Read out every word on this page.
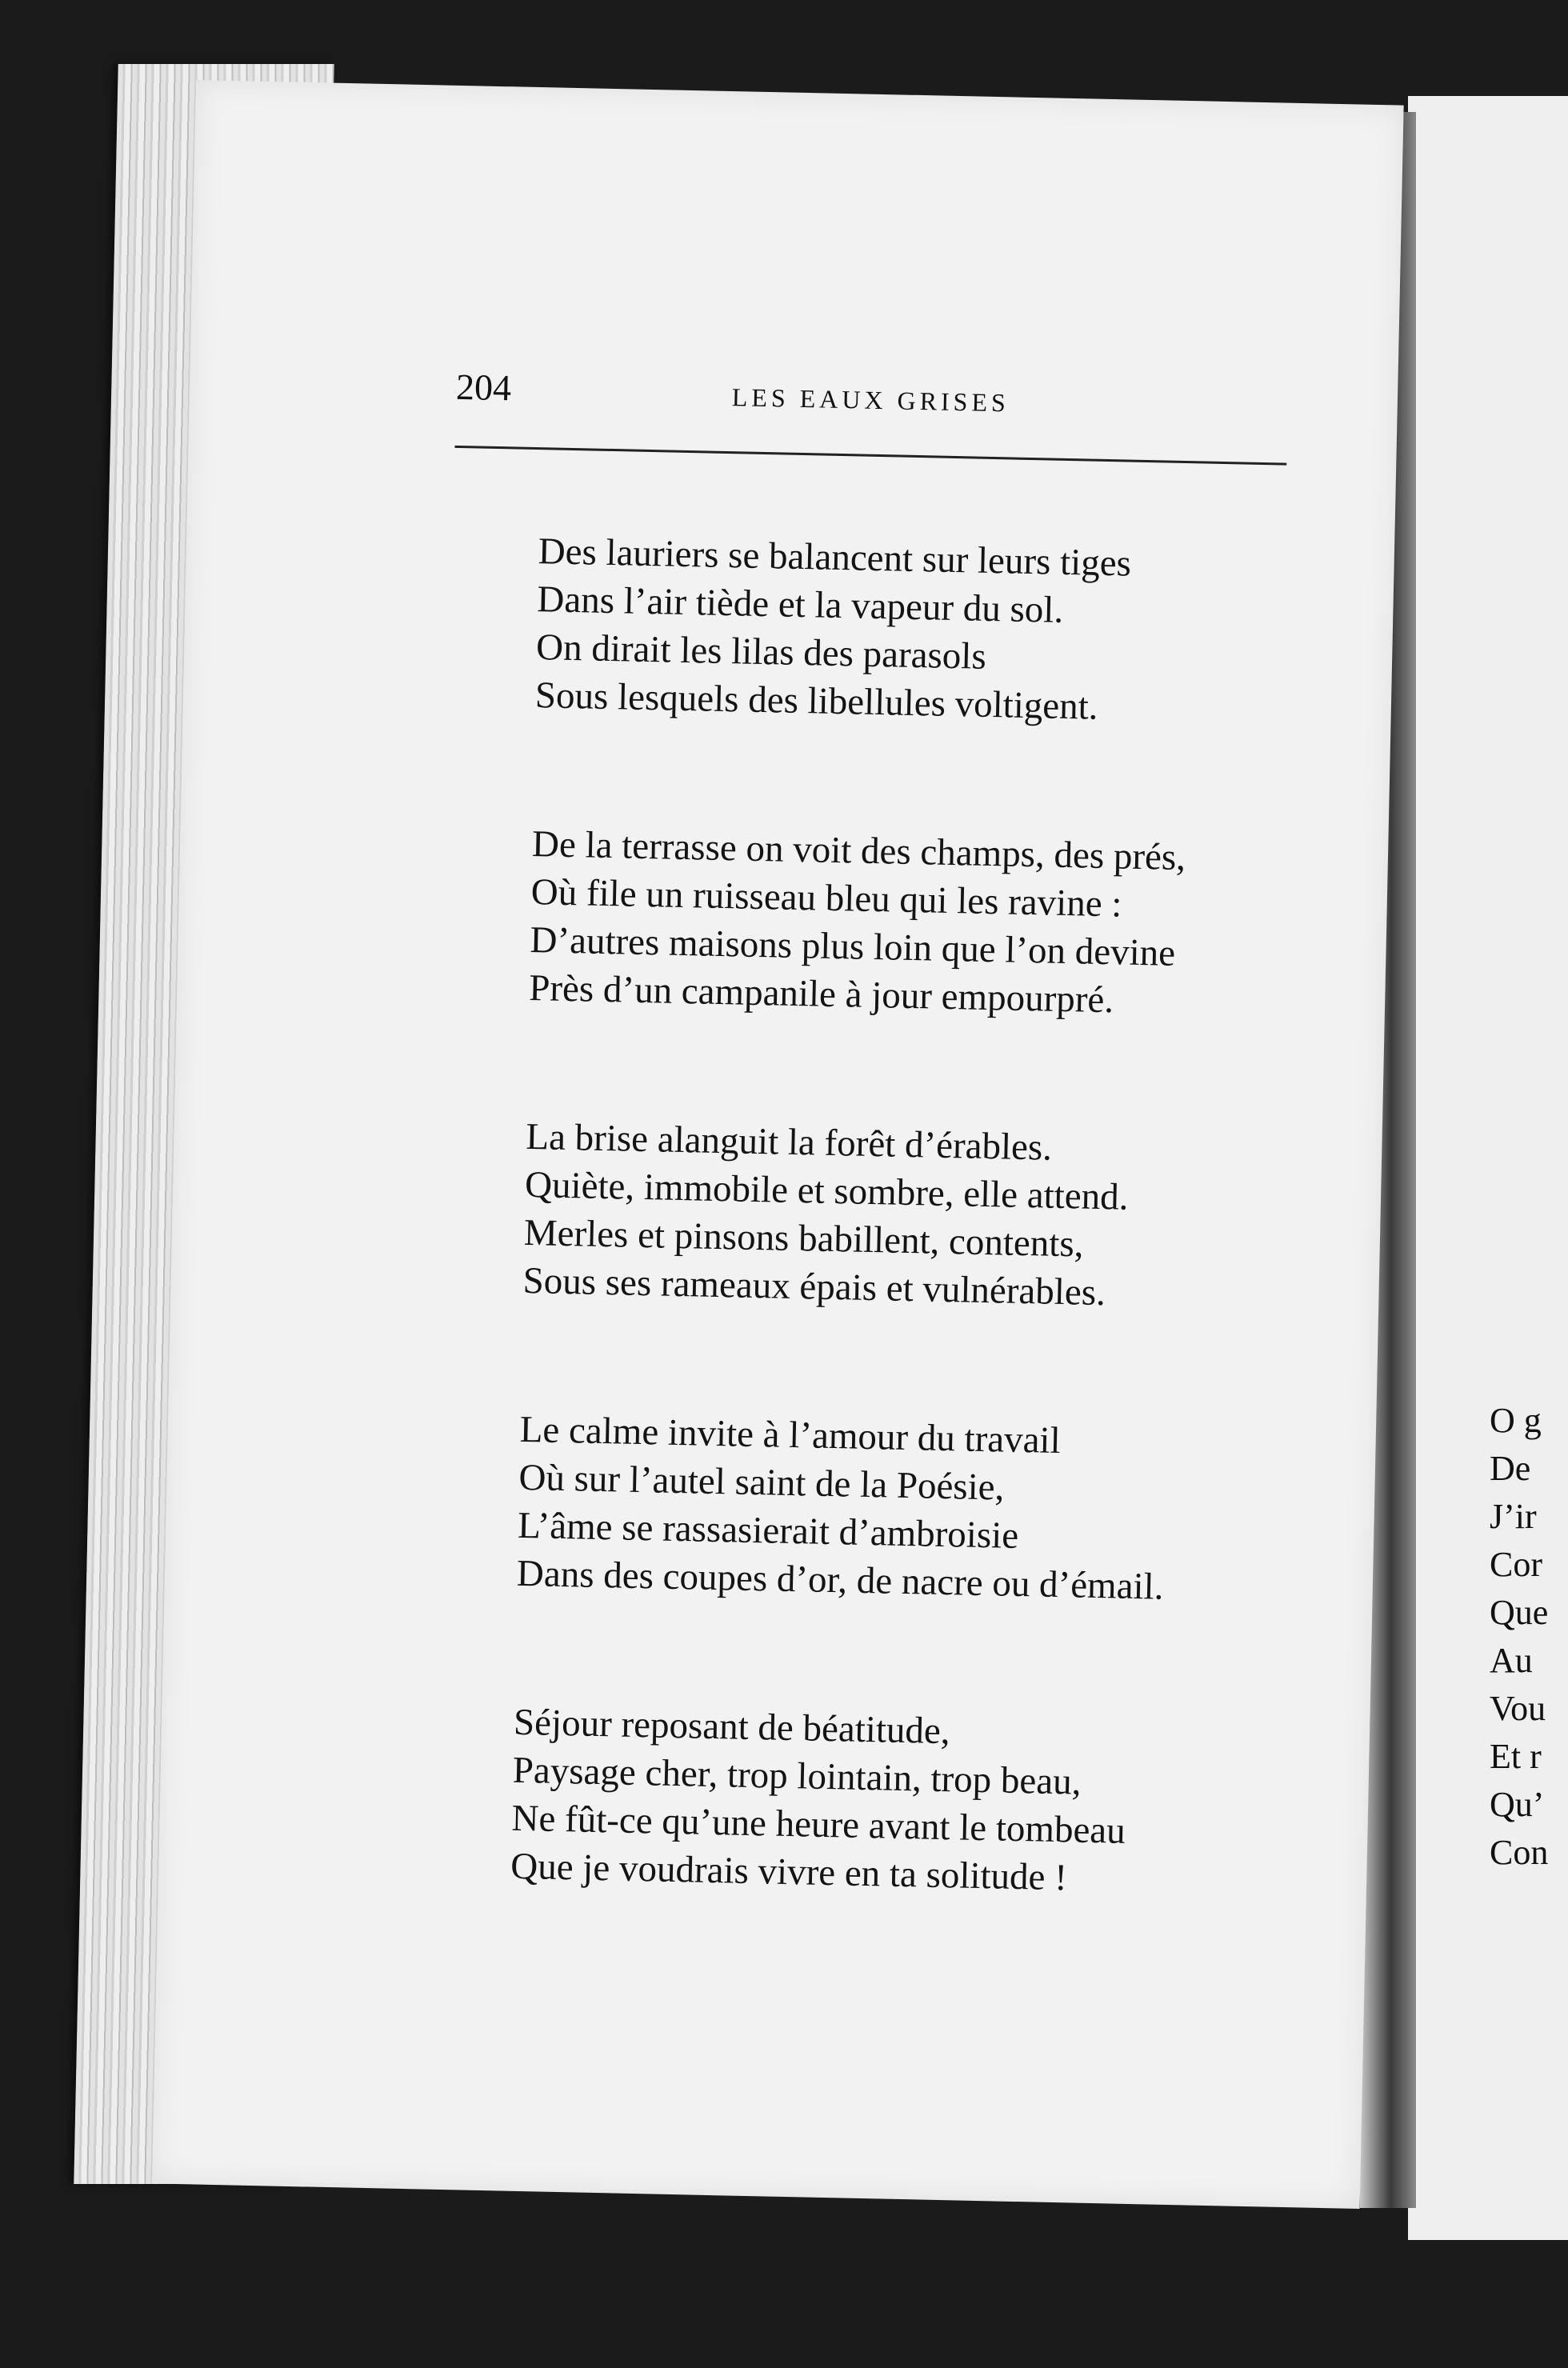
O g
De
J’ir
Cor
Que
Au
Vou
Et r
Qu’
Con
204	LES EAUX GRISES
Des lauriers se balancent sur leurs tiges
Dans l’air tiède et la vapeur du sol.
On dirait les lilas des parasols
Sous lesquels des libellules voltigent.
De la terrasse on voit des champs, des prés,
Où file un ruisseau bleu qui les ravine :
D’autres maisons plus loin que l’on devine
Près d’un campanile à jour empourpré.
La brise alanguit la forêt d’érables.
Quiète, immobile et sombre, elle attend.
Merles et pinsons babillent, contents,
Sous ses rameaux épais et vulnérables.
Le calme invite à l’amour du travail
Où sur l’autel saint de la Poésie,
L’âme se rassasierait d’ambroisie
Dans des coupes d’or, de nacre ou d’émail.
Séjour reposant de béatitude,
Paysage cher, trop lointain, trop beau,
Ne fût-ce qu’une heure avant le tombeau
Que je voudrais vivre en ta solitude !
